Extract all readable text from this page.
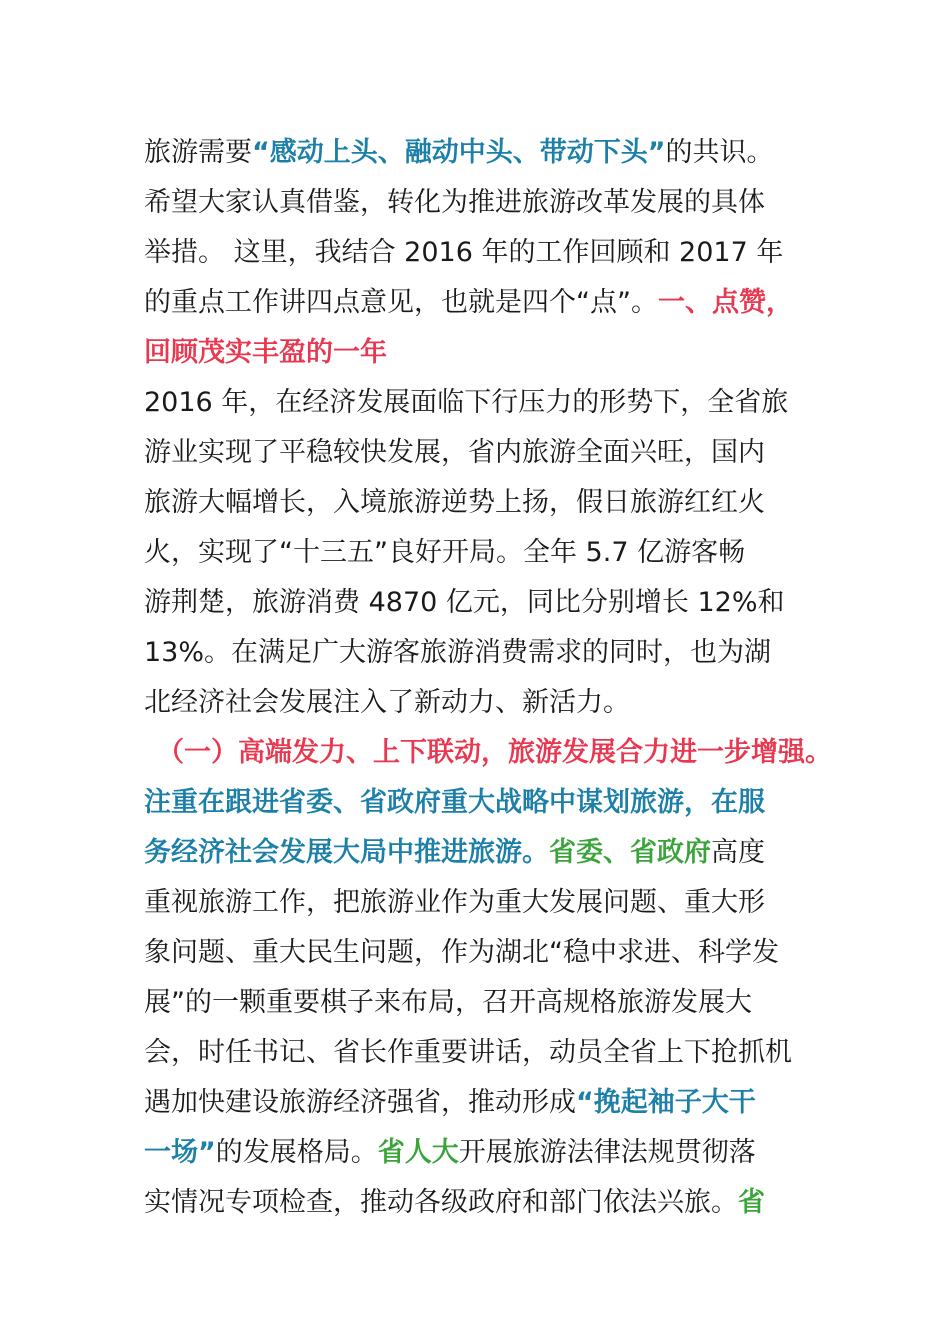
旅游需要“感动上头、融动中头、带动下头”的共识。
希望大家认真借鉴，转化为推进旅游改革发展的具体
举措。 这里，我结合 2016 年的工作回顾和 2017 年
的重点工作讲四点意见，也就是四个“点”。一、点赞，
回顾茂实丰盈的一年
2016 年，在经济发展面临下行压力的形势下，全省旅
游业实现了平稳较快发展，省内旅游全面兴旺，国内
旅游大幅增长，入境旅游逆势上扬，假日旅游红红火
火，实现了“十三五”良好开局。全年 5.7 亿游客畅
游荆楚，旅游消费 4870 亿元，同比分别增长 12%和
13%。在满足广大游客旅游消费需求的同时，也为湖
北经济社会发展注入了新动力、新活力。
（一）高端发力、上下联动，旅游发展合力进一步增强。
注重在跟进省委、省政府重大战略中谋划旅游，在服
务经济社会发展大局中推进旅游。省委、省政府高度
重视旅游工作，把旅游业作为重大发展问题、重大形
象问题、重大民生问题，作为湖北“稳中求进、科学发
展”的一颗重要棋子来布局，召开高规格旅游发展大
会，时任书记、省长作重要讲话，动员全省上下抢抓机
遇加快建设旅游经济强省，推动形成“挽起袖子大干
一场”的发展格局。省人大开展旅游法律法规贯彻落
实情况专项检查，推动各级政府和部门依法兴旅。省
